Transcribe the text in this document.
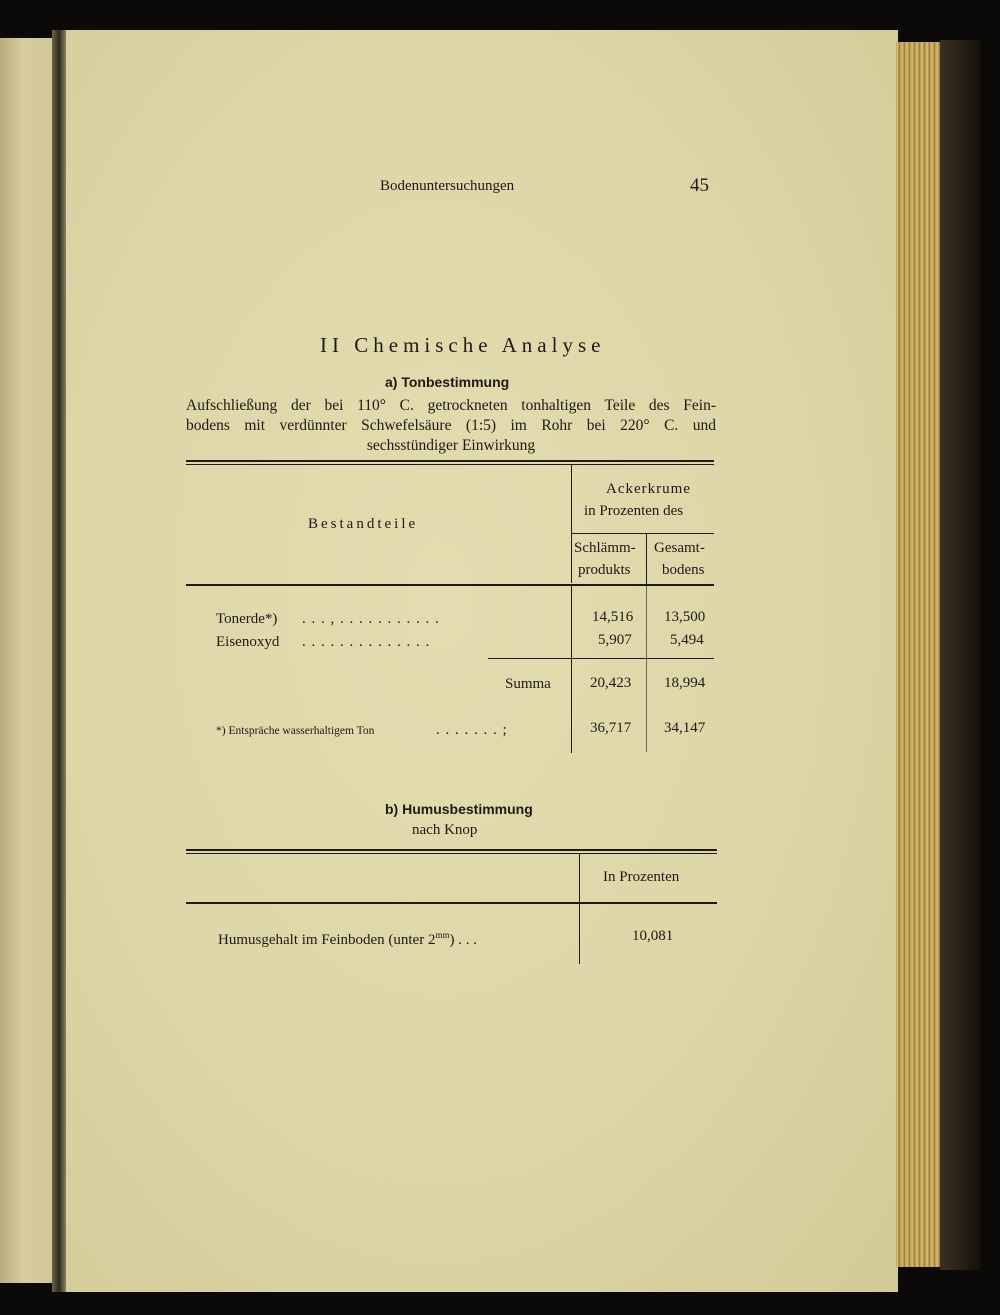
Bodenuntersuchungen	45
II Chemische Analyse
a) Tonbestimmung
Aufschließung der bei 110° C. getrockneten tonhaltigen Teile des Fein-
bodens mit verdünnter Schwefelsäure (1:5) im Rohr bei 220° C. und
sechsstündiger Einwirkung
Bestandteile
Ackerkrume
in Prozenten des
Schlämm-
produkts
Gesamt-
bodens
Tonerde*) . . . , . . . . . . . . . . .	14,516 13,500
Eisenoxyd . . . . . . . . . . . . . .	5,907	5,494
Summa	20,423 18,994
*) Entspräche wasserhaltigem Ton	. . . . . . . ;	36,717 34,147
b) Humusbestimmung
nach Knop
In Prozenten
Humusgehalt im Feinboden (unter $2^{mm}$) . . .	10,081
